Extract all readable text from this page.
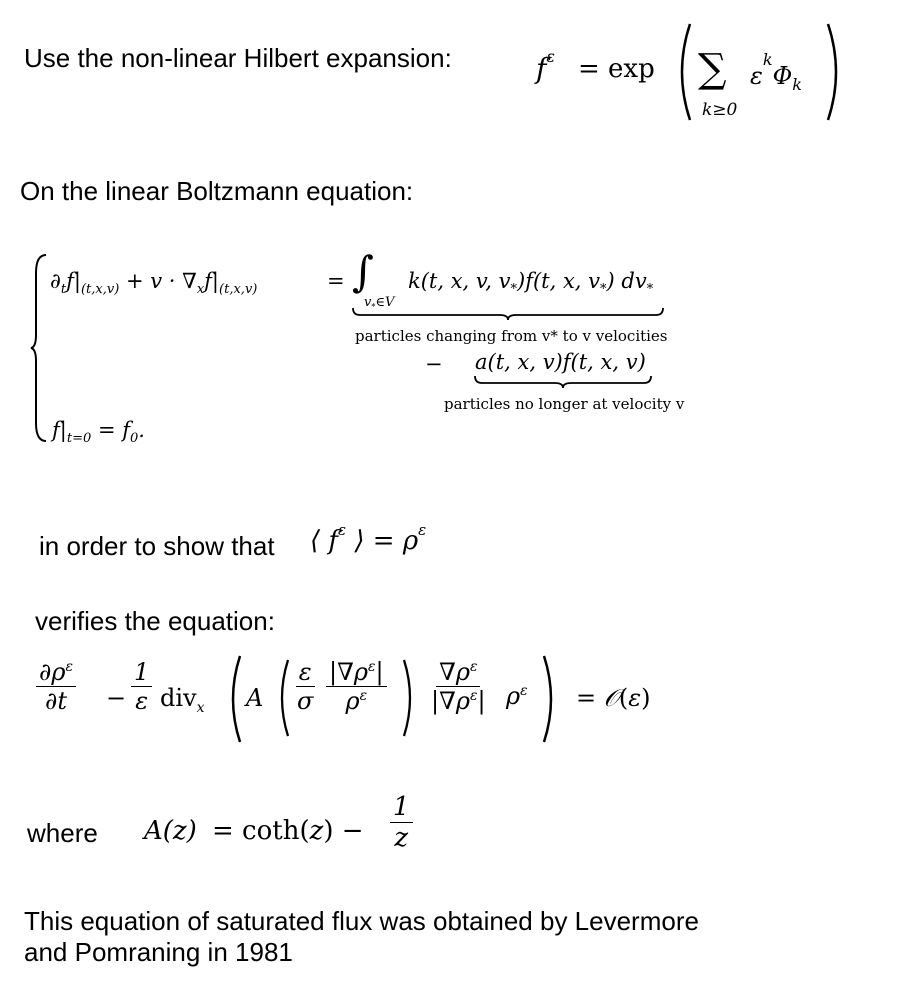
Use the non-linear Hilbert expansion:	$f^\varepsilon = \exp$ ∑
k≥0
$\varepsilon^k\Phi_k$
On the linear Boltzmann equation:
$\partial_tf|_{(t,x,v)} + v \cdot \nabla_xf|_{(t,x,v)}$	= ∫
$v_*\in V$
k(t, x, v, $v_*)f(t$, x, $v_*$) $dv_*$
particles changing from v* to v velocities
− a(t, x, v)f(t, x, v)
particles no longer at velocity v
$f|_{t=0} = f_0$.
in order to show that ⟨ $f^\varepsilon$ ⟩ = $\rho^\varepsilon$
verifies the equation:
$\frac{\partial\rho^\varepsilon}{\partial t} - \frac{1}{\varepsilon} div_x$ A $\frac{\varepsilon}{\sigma} \frac{|\nabla\rho^\varepsilon|}{\rho^\varepsilon} \frac{\nabla\rho^\varepsilon}{|\nabla\rho^\varepsilon|} \rho^\varepsilon$ = 𝒪(ε)
where $A(z) = \cot h(z) - \frac{1}{z}$
This equation of saturated flux was obtained by Levermore
and Pomraning in 1981
